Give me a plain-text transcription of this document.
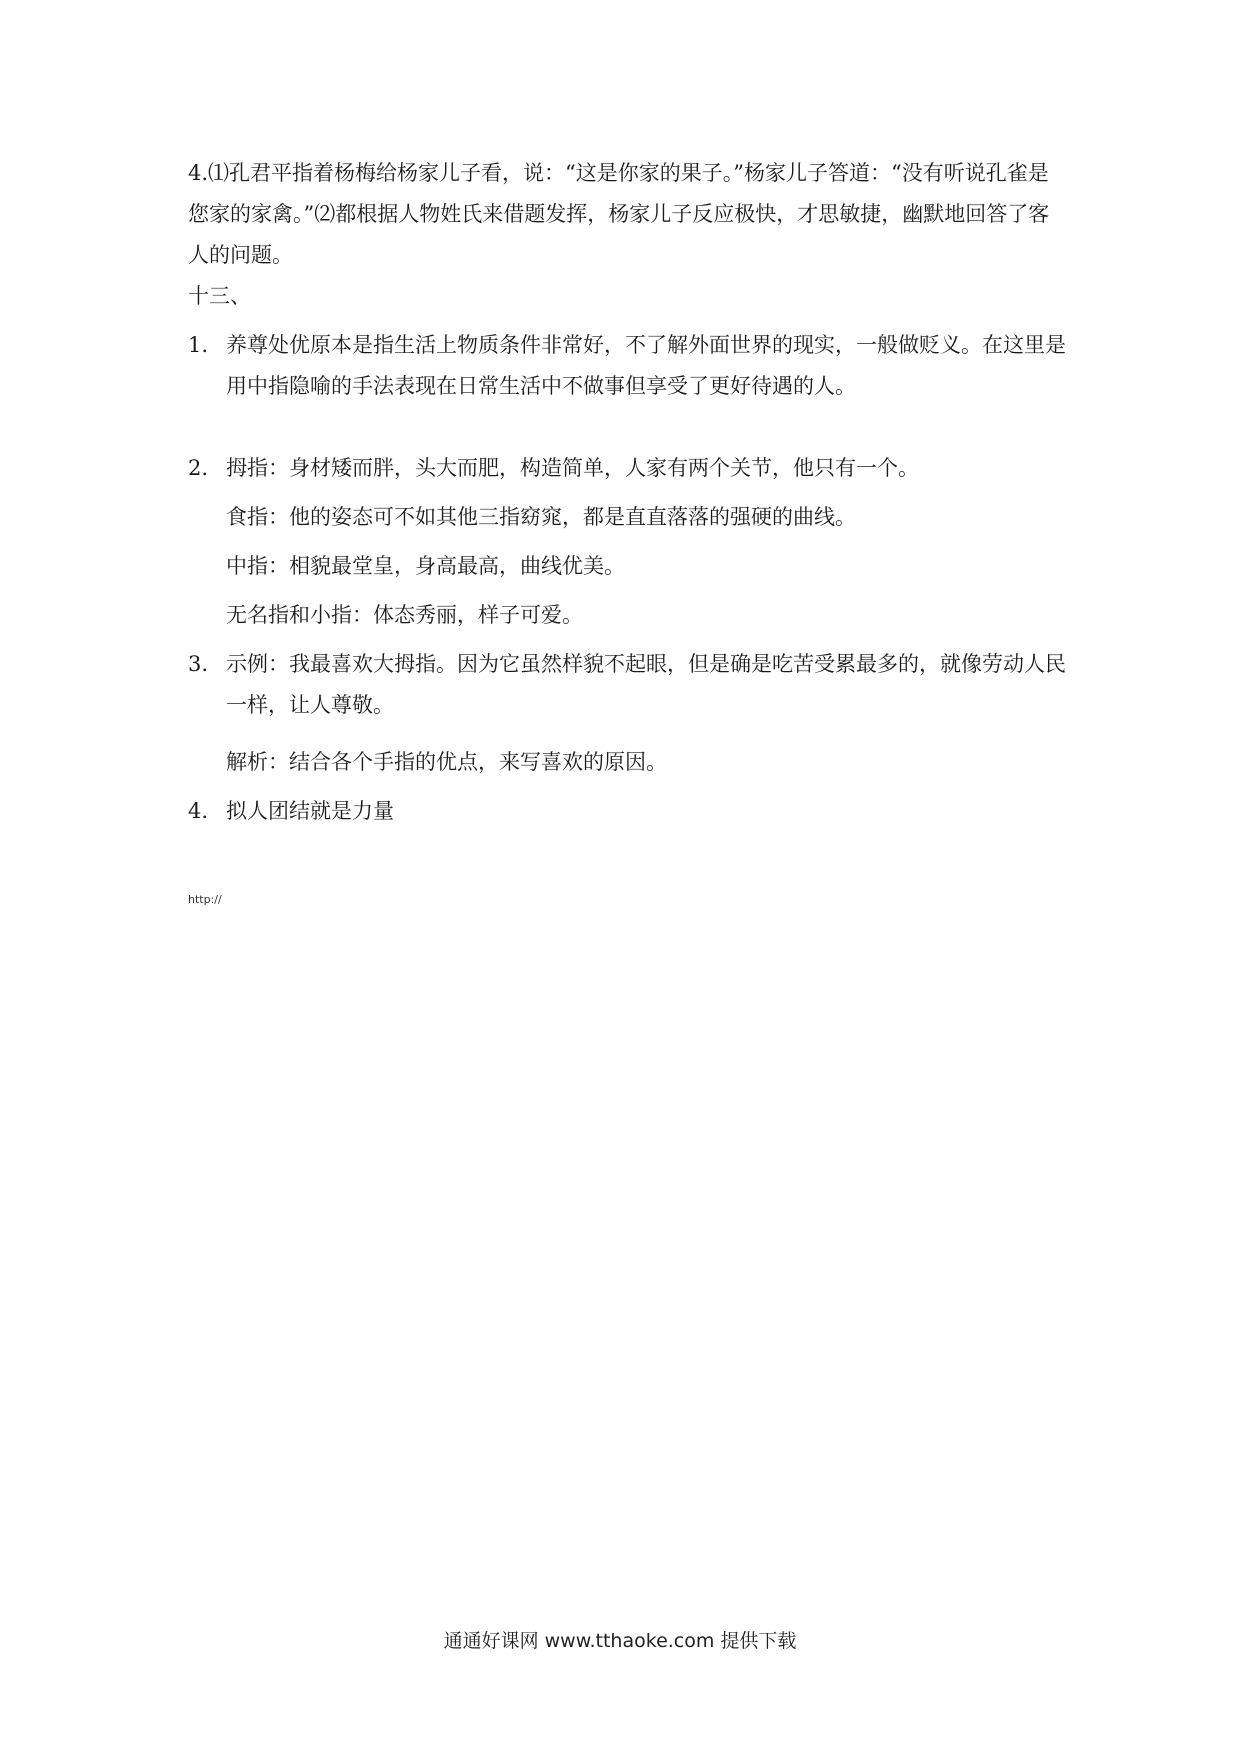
4.⑴孔君平指着杨梅给杨家儿子看，说：“这是你家的果子。”杨家儿子答道：“没有听说孔雀是您家的家禽。”⑵都根据人物姓氏来借题发挥，杨家儿子反应极快，才思敏捷，幽默地回答了客人的问题。

十三、
1. 养尊处优原本是指生活上物质条件非常好，不了解外面世界的现实，一般做贬义。在这里是用中指隐喻的手法表现在日常生活中不做事但享受了更好待遇的人。
2. 拇指：身材矮而胖，头大而肥，构造简单，人家有两个关节，他只有一个。
食指：他的姿态可不如其他三指窈窕，都是直直落落的强硬的曲线。
中指：相貌最堂皇，身高最高，曲线优美。
无名指和小指：体态秀丽，样子可爱。
3. 示例：我最喜欢大拇指。因为它虽然样貌不起眼，但是确是吃苦受累最多的，就像劳动人民一样，让人尊敬。
解析：结合各个手指的优点，来写喜欢的原因。
4. 拟人团结就是力量
http://
通通好课网 www.tthaoke.com 提供下载
